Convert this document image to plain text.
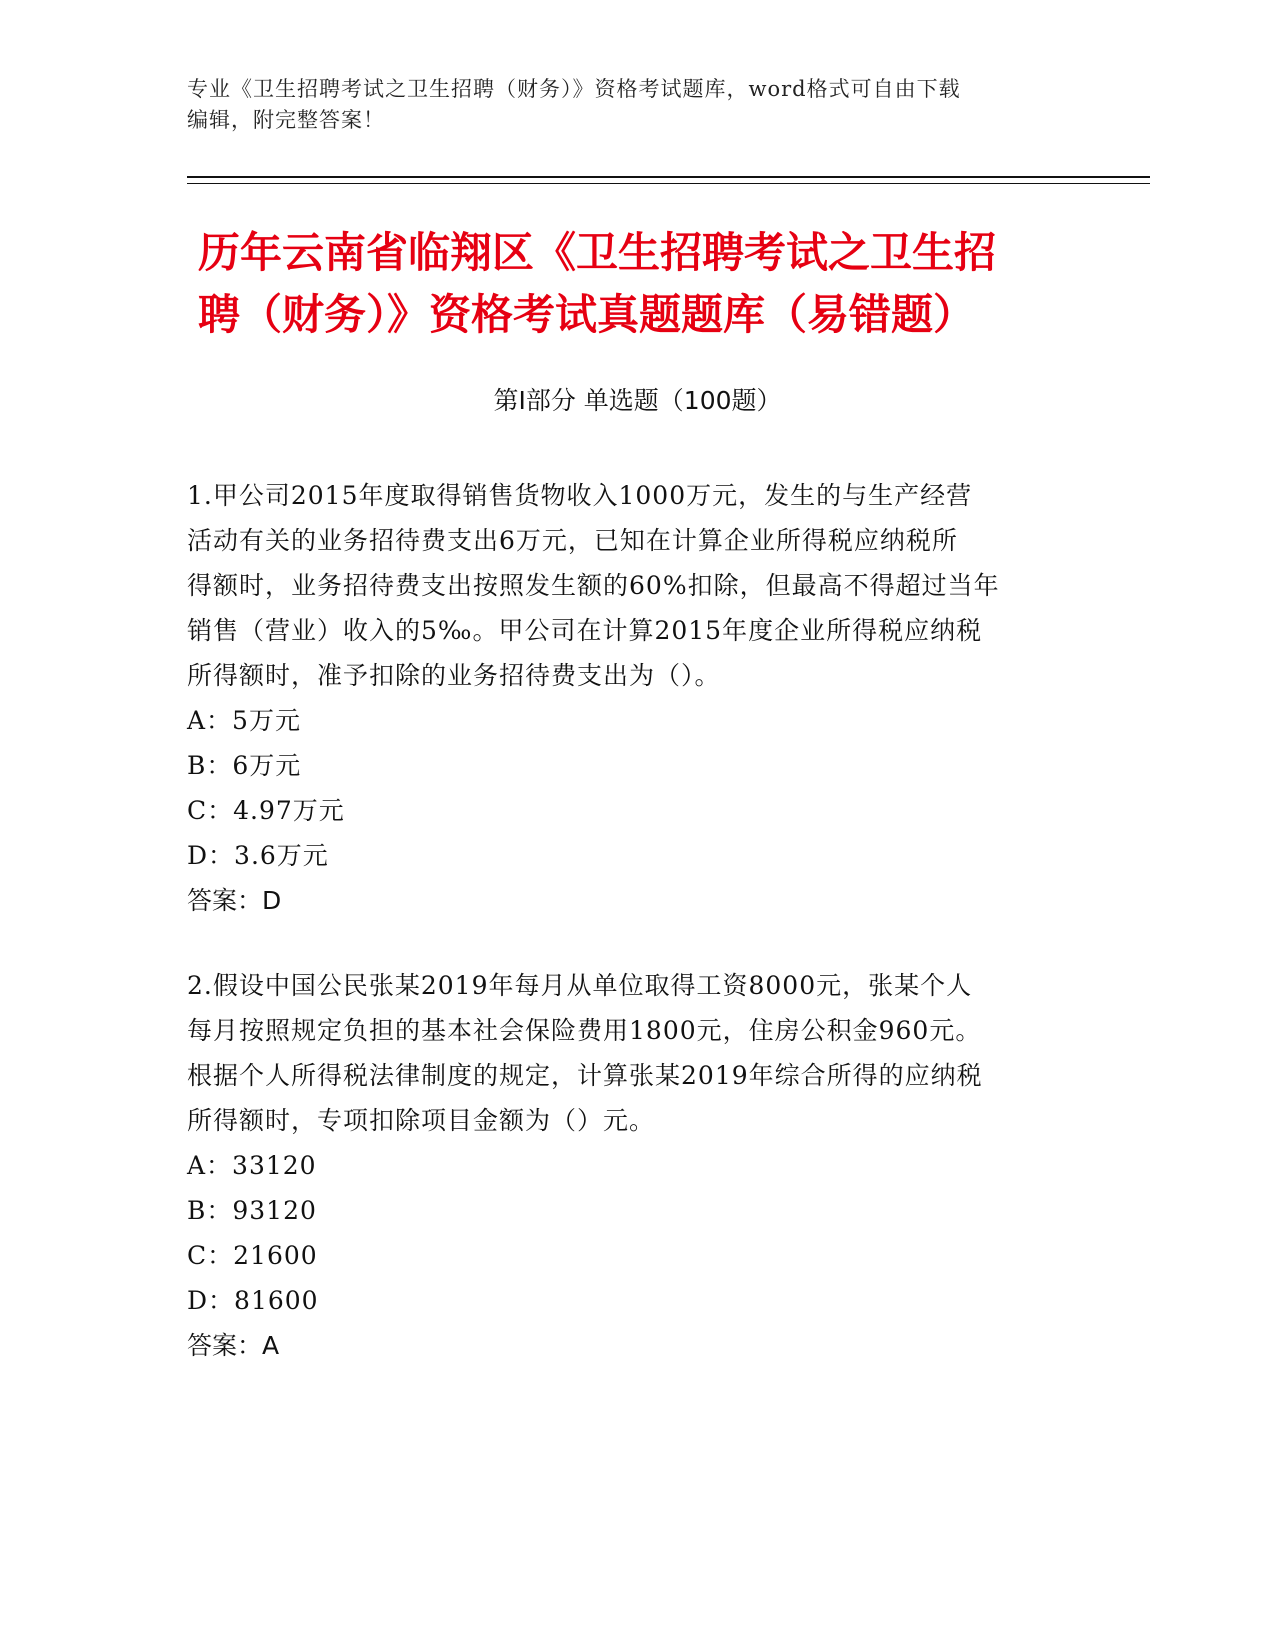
专业《卫生招聘考试之卫生招聘（财务）》资格考试题库，word格式可自由下载
编辑，附完整答案！
历年云南省临翔区《卫生招聘考试之卫生招
聘（财务）》资格考试真题题库（易错题）
第Ⅰ部分 单选题（100题）
1.甲公司2015年度取得销售货物收入1000万元，发生的与生产经营
活动有关的业务招待费支出6万元，已知在计算企业所得税应纳税所
得额时，业务招待费支出按照发生额的60%扣除，但最高不得超过当年
销售（营业）收入的5‰。甲公司在计算2015年度企业所得税应纳税
所得额时，准予扣除的业务招待费支出为（）。
A：5万元
B：6万元
C：4.97万元
D：3.6万元
答案：D
2.假设中国公民张某2019年每月从单位取得工资8000元，张某个人
每月按照规定负担的基本社会保险费用1800元，住房公积金960元。
根据个人所得税法律制度的规定，计算张某2019年综合所得的应纳税
所得额时，专项扣除项目金额为（）元。
A：33120
B：93120
C：21600
D：81600
答案：A
